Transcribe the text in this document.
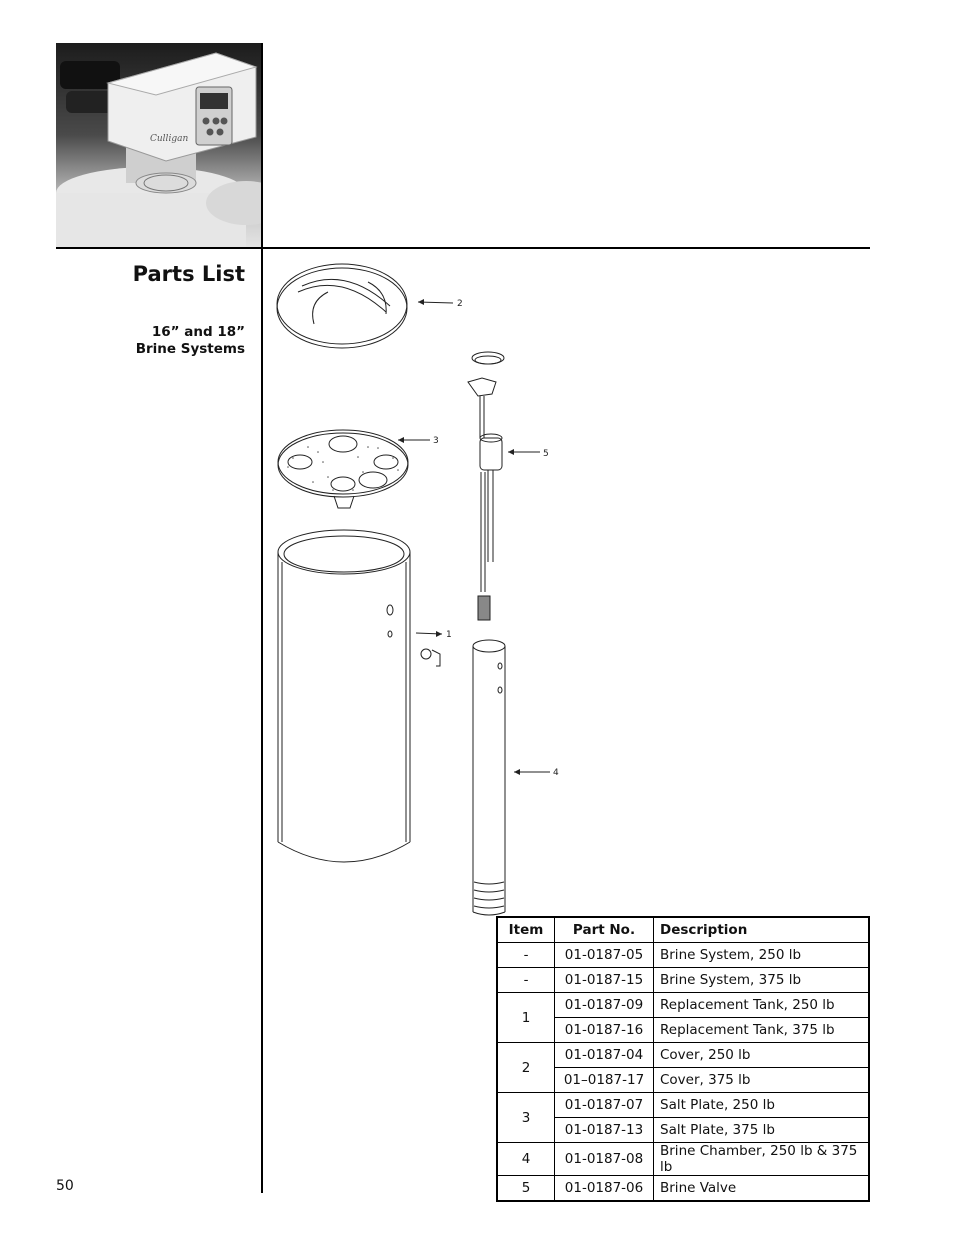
Culligan
Parts List
16” and 18”
Brine Systems
2
3
5
1
4
Item	Part No.	Description
-	01-0187-05	Brine System, 250 lb
-	01-0187-15	Brine System, 375 lb
1	01-0187-09	Replacement Tank, 250 lb
	01-0187-16	Replacement Tank, 375 lb
2	01-0187-04	Cover, 250 lb
	01–0187-17	Cover, 375 lb
3	01-0187-07	Salt Plate, 250 lb
	01-0187-13	Salt Plate, 375 lb
4	01-0187-08	Brine Chamber, 250 lb & 375 lb
5	01-0187-06	Brine Valve
50
